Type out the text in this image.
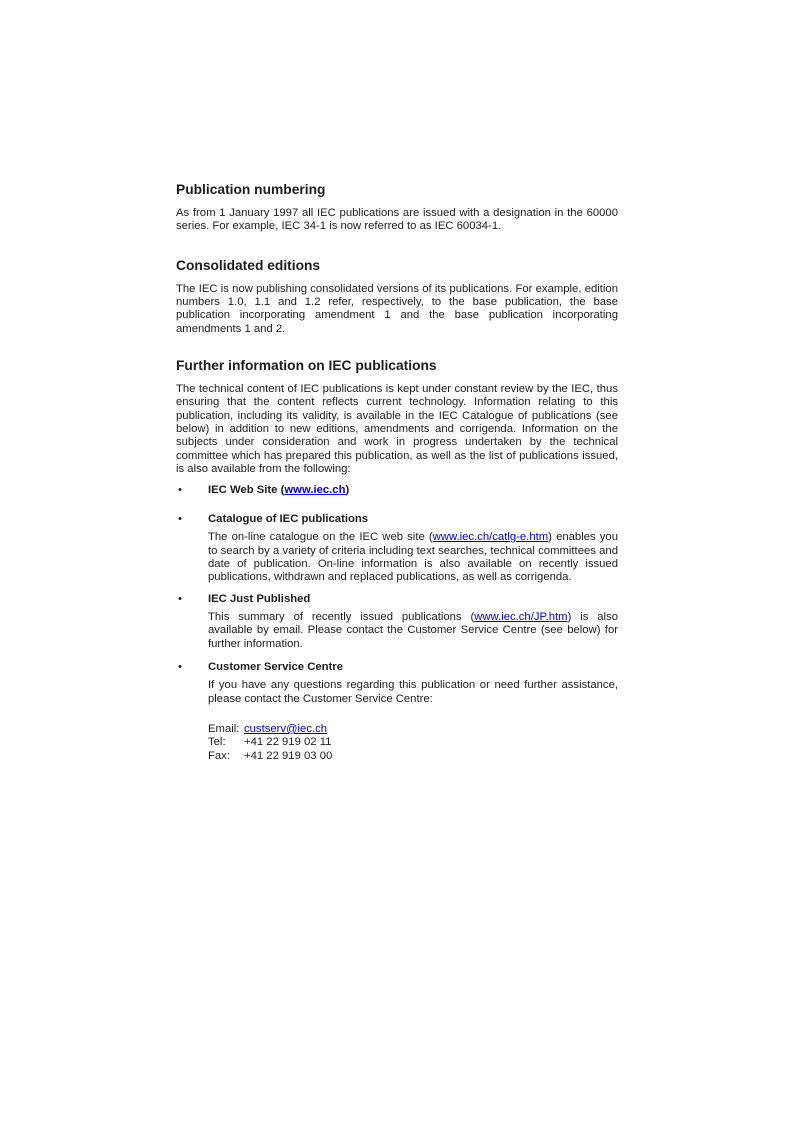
Publication numbering

As from 1 January 1997 all IEC publications are issued with a designation in the 60000 series. For example, IEC 34-1 is now referred to as IEC 60034-1.

Consolidated editions

The IEC is now publishing consolidated versions of its publications. For example, edition numbers 1.0, 1.1 and 1.2 refer, respectively, to the base publication, the base publication incorporating amendment 1 and the base publication incorporating amendments 1 and 2.

Further information on IEC publications

The technical content of IEC publications is kept under constant review by the IEC, thus ensuring that the content reflects current technology. Information relating to this publication, including its validity, is available in the IEC Catalogue of publications (see below) in addition to new editions, amendments and corrigenda. Information on the subjects under consideration and work in progress undertaken by the technical committee which has prepared this publication, as well as the list of publications issued, is also available from the following:

• IEC Web Site (www.iec.ch)
• Catalogue of IEC publications

The on-line catalogue on the IEC web site (www.iec.ch/catlg-e.htm) enables you to search by a variety of criteria including text searches, technical committees and date of publication. On-line information is also available on recently issued publications, withdrawn and replaced publications, as well as corrigenda.

• IEC Just Published

This summary of recently issued publications (www.iec.ch/JP.htm) is also available by email. Please contact the Customer Service Centre (see below) for further information.

• Customer Service Centre

If you have any questions regarding this publication or need further assistance, please contact the Customer Service Centre:

Email: custserv@iec.ch
Tel:	+41 22 919 02 11
Fax:	+41 22 919 03 00
